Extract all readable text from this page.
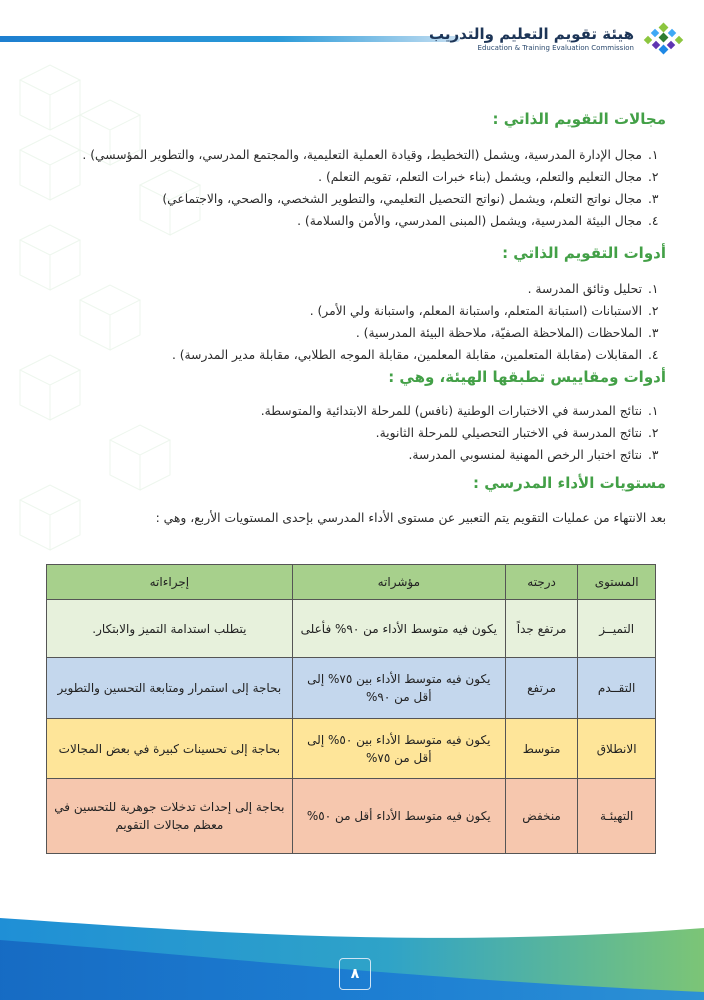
هيئة تقويم التعليم والتدريب
Education & Training Evaluation Commission
مجالات التقويم الذاتي :
١.
مجال الإدارة المدرسية، ويشمل (التخطيط، وقيادة العملية التعليمية، والمجتمع المدرسي، والتطوير المؤسسي) .
٢.
مجال التعليم والتعلم، ويشمل (بناء خبرات التعلم، تقويم التعلم) .
٣.
مجال نواتج التعلم، ويشمل (نواتج التحصيل التعليمي، والتطوير الشخصي، والصحي، والاجتماعي)
٤.
مجال البيئة المدرسية، ويشمل (المبنى المدرسي، والأمن والسلامة) .
أدوات التقويم الذاتي :
١.
تحليل وثائق المدرسة .
٢.
الاستبانات (استبانة المتعلم، واستبانة المعلم، واستبانة ولي الأمر) .
٣.
الملاحظات (الملاحظة الصفيّة، ملاحظة البيئة المدرسية) .
٤.
المقابلات (مقابلة المتعلمين، مقابلة المعلمين، مقابلة الموجه الطلابي، مقابلة مدير المدرسة) .
أدوات ومقاييس تطبقها الهيئة، وهي :
١.
نتائج المدرسة في الاختبارات الوطنية (نافس) للمرحلة الابتدائية والمتوسطة.
٢.
نتائج المدرسة في الاختبار التحصيلي للمرحلة الثانوية.
٣.
نتائج اختبار الرخص المهنية لمنسوبي المدرسة.
مستويات الأداء المدرسي :
بعد الانتهاء من عمليات التقويم يتم التعبير عن مستوى الأداء المدرسي بإحدى المستويات الأربع، وهي :
المستوى	درجته	مؤشراته	إجراءاته
التميــز	مرتفع جداً	يكون فيه متوسط الأداء من ٩٠% فأعلى	يتطلب استدامة التميز والابتكار.
التقــدم	مرتفع	يكون فيه متوسط الأداء بين ٧٥% إلى أقل من ٩٠%	بحاجة إلى استمرار ومتابعة التحسين والتطوير
الانطلاق	متوسط	يكون فيه متوسط الأداء بين ٥٠% إلى أقل من ٧٥%	بحاجة إلى تحسينات كبيرة في بعض المجالات
التهيئـة	منخفض	يكون فيه متوسط الأداء أقل من ٥٠%	بحاجة إلى إحداث تدخلات جوهرية للتحسين في معظم مجالات التقويم
٨
